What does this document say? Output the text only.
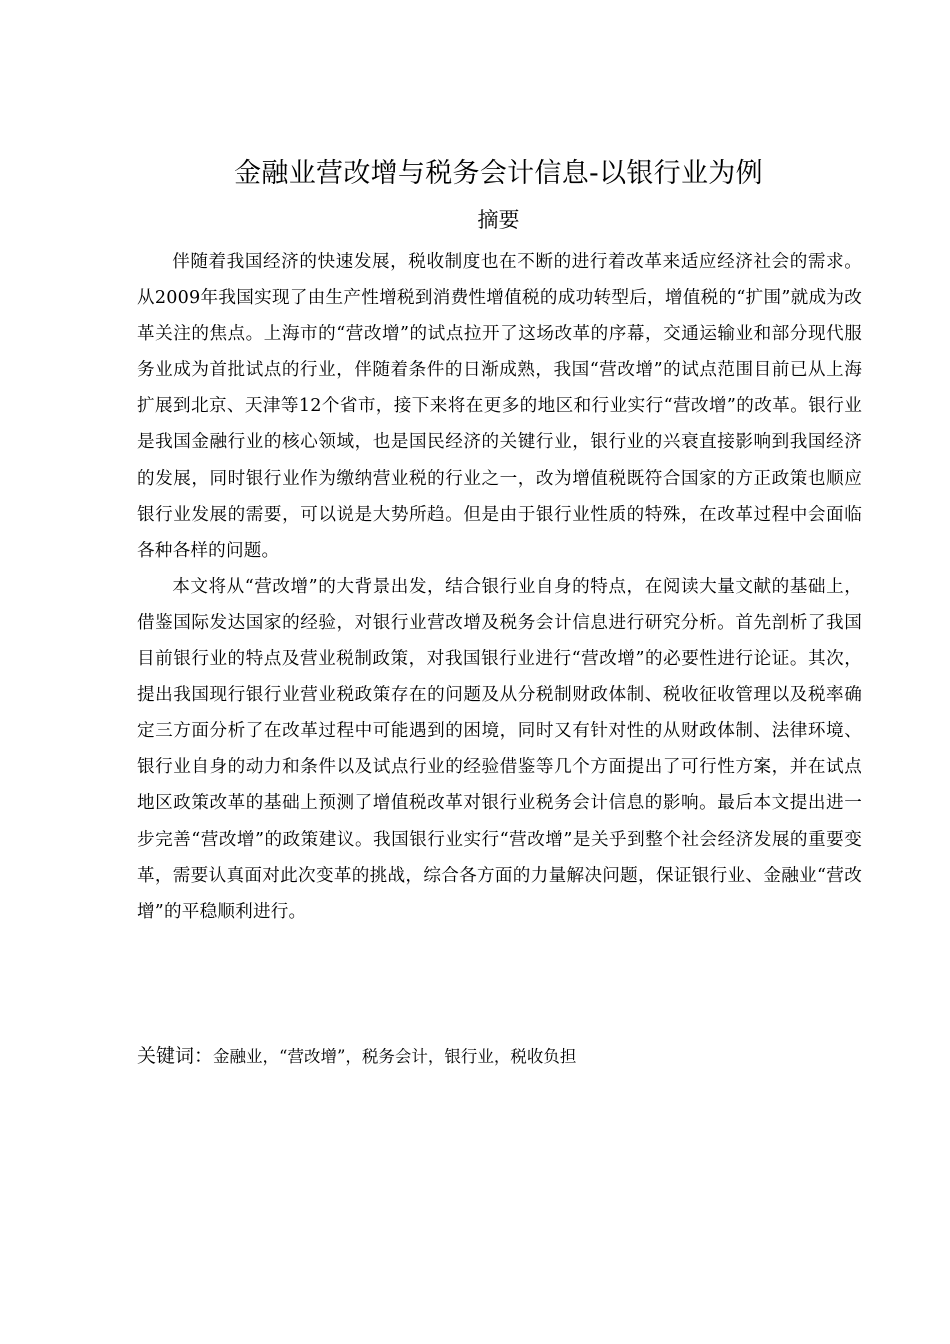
金融业营改增与税务会计信息-以银行业为例
摘要

伴随着我国经济的快速发展，税收制度也在不断的进行着改革来适应经济社会的需求。从2009年我国实现了由生产性增税到消费性增值税的成功转型后，增值税的“扩围”就成为改革关注的焦点。上海市的“营改增”的试点拉开了这场改革的序幕，交通运输业和部分现代服务业成为首批试点的行业，伴随着条件的日渐成熟，我国“营改增”的试点范围目前已从上海扩展到北京、天津等12个省市，接下来将在更多的地区和行业实行“营改增”的改革。银行业是我国金融行业的核心领域，也是国民经济的关键行业，银行业的兴衰直接影响到我国经济的发展，同时银行业作为缴纳营业税的行业之一，改为增值税既符合国家的方正政策也顺应银行业发展的需要，可以说是大势所趋。但是由于银行业性质的特殊，在改革过程中会面临各种各样的问题。

本文将从“营改增”的大背景出发，结合银行业自身的特点，在阅读大量文献的基础上，借鉴国际发达国家的经验，对银行业营改增及税务会计信息进行研究分析。首先剖析了我国目前银行业的特点及营业税制政策，对我国银行业进行“营改增”的必要性进行论证。其次，提出我国现行银行业营业税政策存在的问题及从分税制财政体制、税收征收管理以及税率确定三方面分析了在改革过程中可能遇到的困境，同时又有针对性的从财政体制、法律环境、银行业自身的动力和条件以及试点行业的经验借鉴等几个方面提出了可行性方案，并在试点地区政策改革的基础上预测了增值税改革对银行业税务会计信息的影响。最后本文提出进一步完善“营改增”的政策建议。我国银行业实行“营改增”是关乎到整个社会经济发展的重要变革，需要认真面对此次变革的挑战，综合各方面的力量解决问题，保证银行业、金融业“营改增”的平稳顺利进行。

关键词：金融业，“营改增”，税务会计，银行业，税收负担
